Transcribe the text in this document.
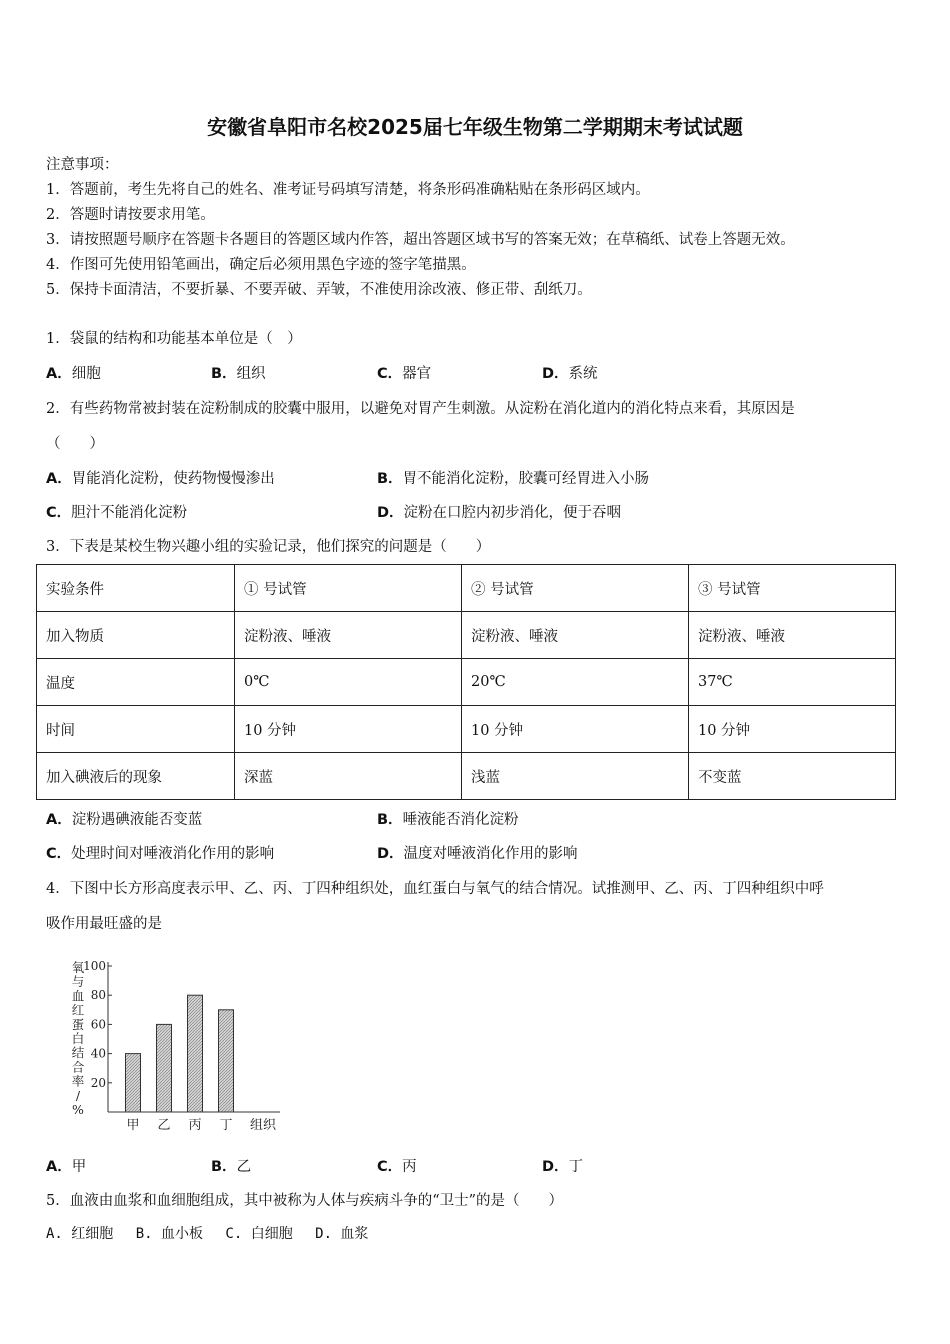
安徽省阜阳市名校2025届七年级生物第二学期期末考试试题
注意事项：
1．答题前，考生先将自己的姓名、准考证号码填写清楚，将条形码准确粘贴在条形码区域内。
2．答题时请按要求用笔。
3．请按照题号顺序在答题卡各题目的答题区域内作答，超出答题区域书写的答案无效；在草稿纸、试卷上答题无效。
4．作图可先使用铅笔画出，确定后必须用黑色字迹的签字笔描黑。
5．保持卡面清洁，不要折暴、不要弄破、弄皱，不准使用涂改液、修正带、刮纸刀。
1．袋鼠的结构和功能基本单位是（　）
A．细胞	B．组织	C．器官	D．系统
2．有些药物常被封装在淀粉制成的胶囊中服用，以避免对胃产生刺激。从淀粉在消化道内的消化特点来看，其原因是
（　　）
A．胃能消化淀粉，使药物慢慢渗出	B．胃不能消化淀粉，胶囊可经胃进入小肠
C．胆汁不能消化淀粉	D．淀粉在口腔内初步消化，便于吞咽
3．下表是某校生物兴趣小组的实验记录，他们探究的问题是（　　）
实验条件	① 号试管	② 号试管	③ 号试管
加入物质	淀粉液、唾液	淀粉液、唾液	淀粉液、唾液
温度	0℃	20℃	37℃
时间	10 分钟	10 分钟	10 分钟
加入碘液后的现象	深蓝	浅蓝	不变蓝
A．淀粉遇碘液能否变蓝	B．唾液能否消化淀粉
C．处理时间对唾液消化作用的影响	D．温度对唾液消化作用的影响
4．下图中长方形高度表示甲、乙、丙、丁四种组织处，血红蛋白与氧气的结合情况。试推测甲、乙、丙、丁四种组织中呼
吸作用最旺盛的是
氧
与
血
红
蛋
白
结
合
率
/
%
100
80
60
40
20
甲 乙 丙 丁 组织
A．甲	B．乙	C．丙	D．丁
5．血液由血浆和血细胞组成，其中被称为人体与疾病斗争的“卫士”的是（　　）
A. 红细胞　 B. 血小板　 C. 白细胞　 D. 血浆
